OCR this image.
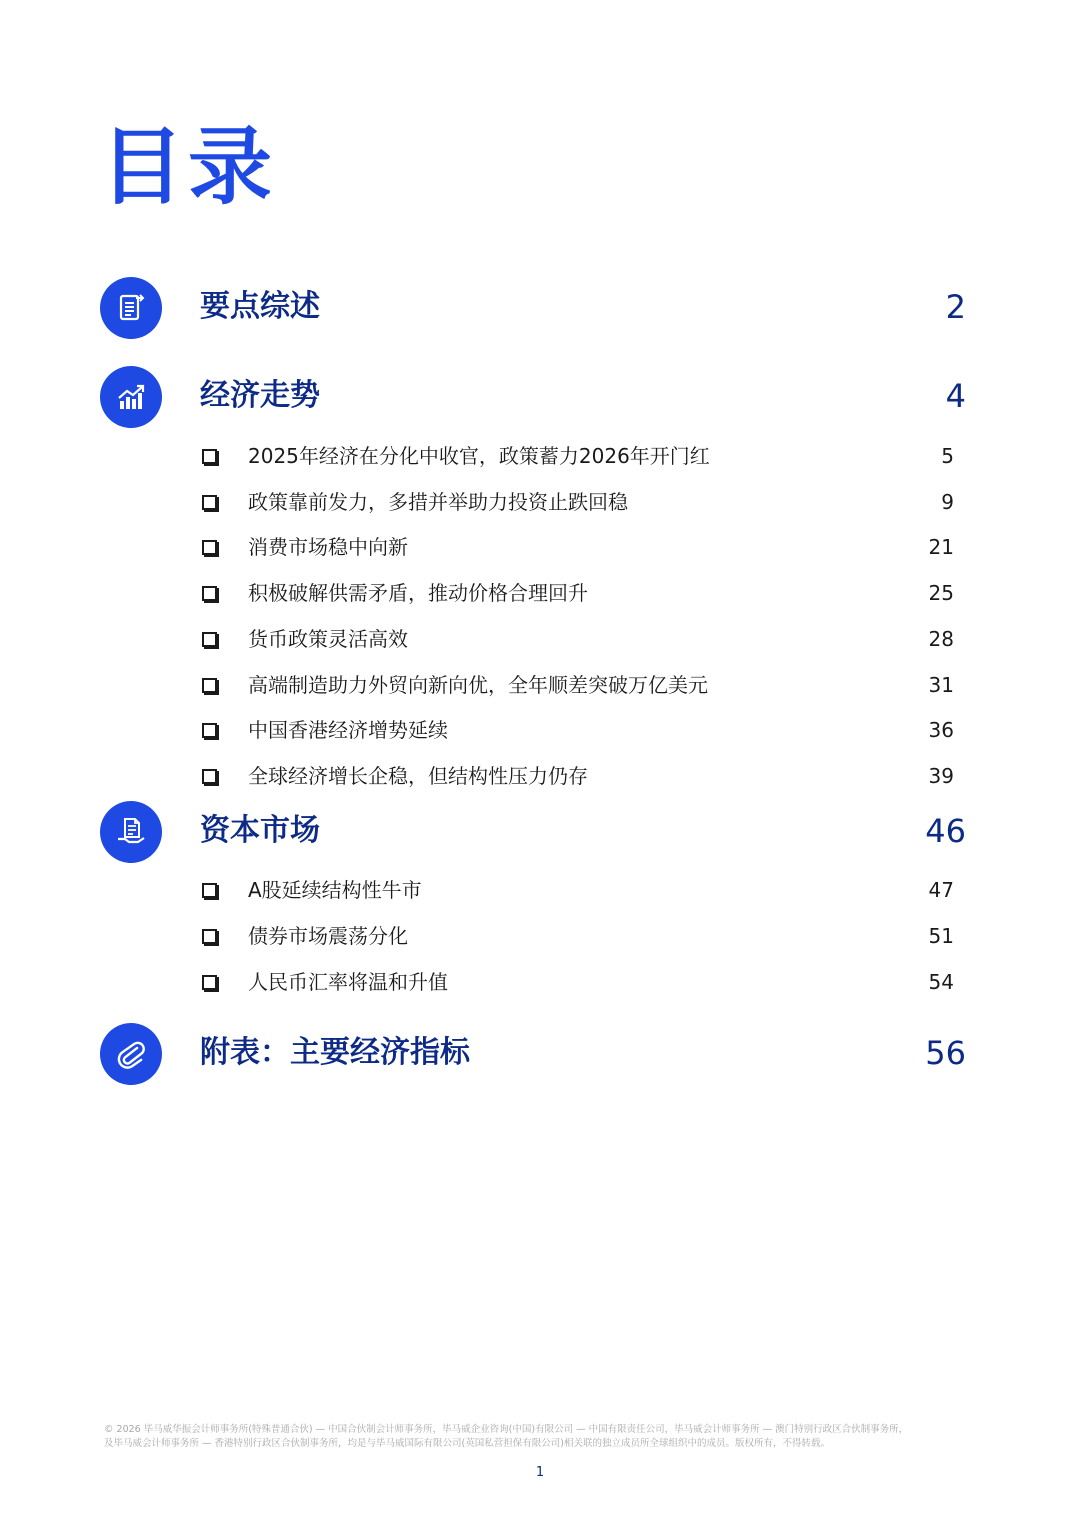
目录
要点综述	2
经济走势	4
2025年经济在分化中收官，政策蓄力2026年开门红	5
政策靠前发力，多措并举助力投资止跌回稳	9
消费市场稳中向新	21
积极破解供需矛盾，推动价格合理回升	25
货币政策灵活高效	28
高端制造助力外贸向新向优，全年顺差突破万亿美元	31
中国香港经济增势延续	36
全球经济增长企稳，但结构性压力仍存	39
资本市场	46
A股延续结构性牛市	47
债券市场震荡分化	51
人民币汇率将温和升值	54
附表：主要经济指标	56
© 2026 毕马威华振会计师事务所(特殊普通合伙) — 中国合伙制会计师事务所，毕马威企业咨询(中国)有限公司 — 中国有限责任公司，毕马威会计师事务所 — 澳门特别行政区合伙制事务所，
及毕马威会计师事务所 — 香港特别行政区合伙制事务所，均是与毕马威国际有限公司(英国私营担保有限公司)相关联的独立成员所全球组织中的成员。版权所有，不得转载。
1
